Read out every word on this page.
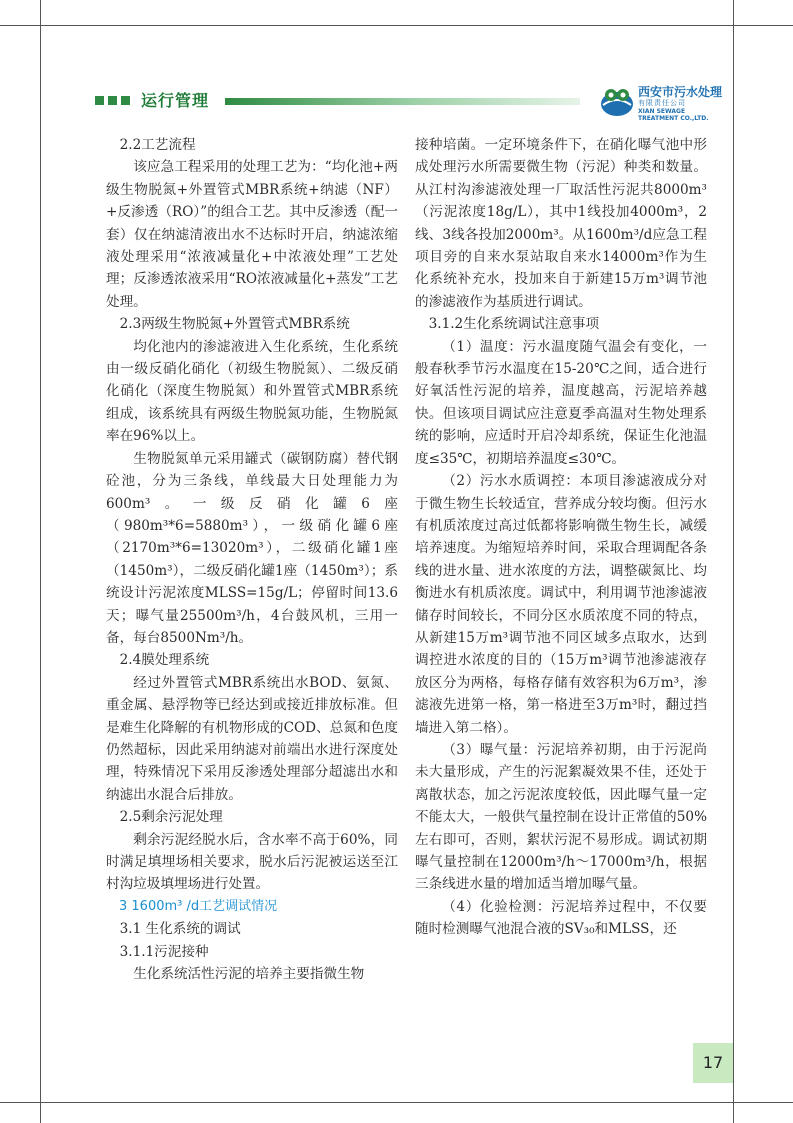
运行管理	西安市污水处理
有限责任公司
XIAN SEWAGE
TREATMENT CO.,LTD.

2.2工艺流程

该应急工程采用的处理工艺为：“均化池+两级生物脱氮+外置管式MBR系统+纳滤（NF）+反渗透（RO）”的组合工艺。其中反渗透（配一套）仅在纳滤清液出水不达标时开启，纳滤浓缩液处理采用“浓液减量化+中浓液处理”工艺处理；反渗透浓液采用“RO浓液减量化+蒸发”工艺处理。

2.3两级生物脱氮+外置管式MBR系统

均化池内的渗滤液进入生化系统，生化系统由一级反硝化硝化（初级生物脱氮）、二级反硝化硝化（深度生物脱氮）和外置管式MBR系统组成，该系统具有两级生物脱氮功能，生物脱氮率在96%以上。

生物脱氮单元采用罐式（碳钢防腐）替代钢砼池，分为三条线，单线最大日处理能力为600m³。一级反硝化罐6座（980m³*6=5880m³），一级硝化罐6座（2170m³*6=13020m³），二级硝化罐1座（1450m³），二级反硝化罐1座（1450m³）；系统设计污泥浓度MLSS=15g/L；停留时间13.6天；曝气量25500m³/h，4台鼓风机，三用一备，每台8500Nm³/h。

2.4膜处理系统

经过外置管式MBR系统出水BOD、氨氮、重金属、悬浮物等已经达到或接近排放标准。但是难生化降解的有机物形成的COD、总氮和色度仍然超标，因此采用纳滤对前端出水进行深度处理，特殊情况下采用反渗透处理部分超滤出水和纳滤出水混合后排放。

2.5剩余污泥处理

剩余污泥经脱水后，含水率不高于60%，同时满足填埋场相关要求，脱水后污泥被运送至江村沟垃圾填埋场进行处置。

3 1600m³ /d工艺调试情况

3.1 生化系统的调试

3.1.1污泥接种

生化系统活性污泥的培养主要指微生物

接种培菌。一定环境条件下，在硝化曝气池中形成处理污水所需要微生物（污泥）种类和数量。从江村沟渗滤液处理一厂取活性污泥共8000m³（污泥浓度18g/L），其中1线投加4000m³，2线、3线各投加2000m³。从1600m³/d应急工程项目旁的自来水泵站取自来水14000m³作为生化系统补充水，投加来自于新建15万m³调节池的渗滤液作为基质进行调试。

3.1.2生化系统调试注意事项

（1）温度：污水温度随气温会有变化，一般春秋季节污水温度在15-20℃之间，适合进行好氧活性污泥的培养，温度越高，污泥培养越快。但该项目调试应注意夏季高温对生物处理系统的影响，应适时开启冷却系统，保证生化池温度≤35℃，初期培养温度≤30℃。

（2）污水水质调控：本项目渗滤液成分对于微生物生长较适宜，营养成分较均衡。但污水有机质浓度过高过低都将影响微生物生长，减缓培养速度。为缩短培养时间，采取合理调配各条线的进水量、进水浓度的方法，调整碳氮比、均衡进水有机质浓度。调试中，利用调节池渗滤液储存时间较长，不同分区水质浓度不同的特点，从新建15万m³调节池不同区域多点取水，达到调控进水浓度的目的（15万m³调节池渗滤液存放区分为两格，每格存储有效容积为6万m³，渗滤液先进第一格，第一格进至3万m³时，翻过挡墙进入第二格）。

（3）曝气量：污泥培养初期，由于污泥尚未大量形成，产生的污泥絮凝效果不佳，还处于离散状态，加之污泥浓度较低，因此曝气量一定不能太大，一般供气量控制在设计正常值的50%左右即可，否则，絮状污泥不易形成。调试初期曝气量控制在12000m³/h～17000m³/h，根据三条线进水量的增加适当增加曝气量。

（4）化验检测：污泥培养过程中，不仅要随时检测曝气池混合液的SV₃₀和MLSS，还

17
